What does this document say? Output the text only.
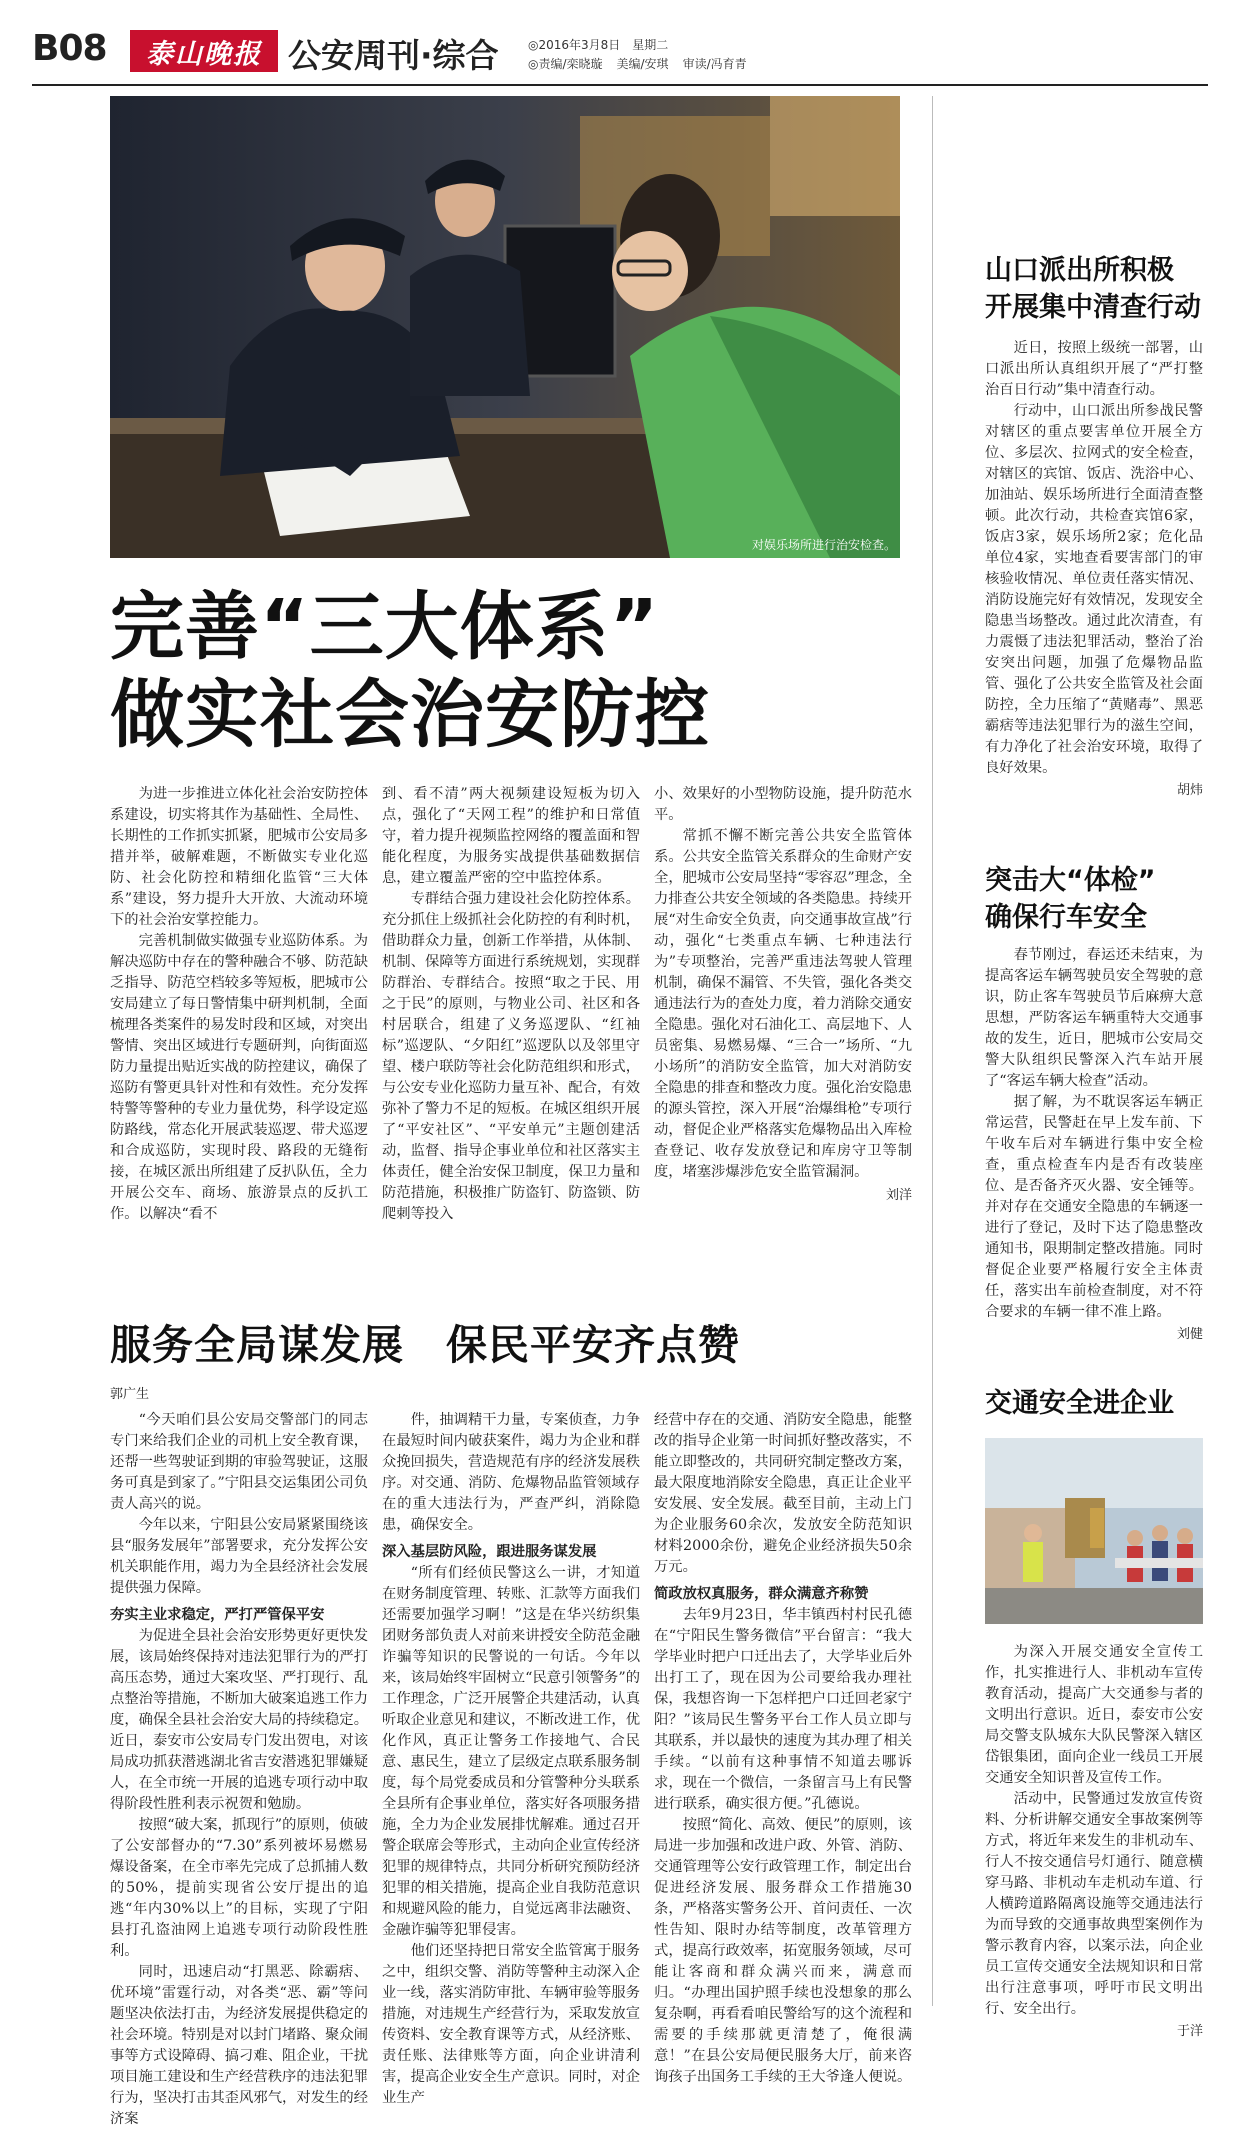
B08	泰山晚报 公安周刊·综合 ◎2016年3月8日　星期二
◎责编/栾晓璇 美编/安琪 审读/冯育青
对娱乐场所进行治安检查。
完善“三大体系”
做实社会治安防控

为进一步推进立体化社会治安防控体系建设，切实将其作为基础性、全局性、长期性的工作抓实抓紧，肥城市公安局多措并举，破解难题，不断做实专业化巡防、社会化防控和精细化监管“三大体系”建设，努力提升大开放、大流动环境下的社会治安掌控能力。

完善机制做实做强专业巡防体系。为解决巡防中存在的警种融合不够、防范缺乏指导、防范空档较多等短板，肥城市公安局建立了每日警情集中研判机制，全面梳理各类案件的易发时段和区域，对突出警情、突出区域进行专题研判，向街面巡防力量提出贴近实战的防控建议，确保了巡防有警更具针对性和有效性。充分发挥特警等警种的专业力量优势，科学设定巡防路线，常态化开展武装巡逻、带犬巡逻和合成巡防，实现时段、路段的无缝衔接，在城区派出所组建了反扒队伍，全力开展公交车、商场、旅游景点的反扒工作。以解决“看不

到、看不清”两大视频建设短板为切入点，强化了“天网工程”的维护和日常值守，着力提升视频监控网络的覆盖面和智能化程度，为服务实战提供基础数据信息，建立覆盖严密的空中监控体系。

专群结合强力建设社会化防控体系。充分抓住上级抓社会化防控的有利时机，借助群众力量，创新工作举措，从体制、机制、保障等方面进行系统规划，实现群防群治、专群结合。按照“取之于民、用之于民”的原则，与物业公司、社区和各村居联合，组建了义务巡逻队、“红袖标”巡逻队、“夕阳红”巡逻队以及邻里守望、楼户联防等社会化防范组织和形式，与公安专业化巡防力量互补、配合，有效弥补了警力不足的短板。在城区组织开展了“平安社区”、“平安单元”主题创建活动，监督、指导企事业单位和社区落实主体责任，健全治安保卫制度，保卫力量和防范措施，积极推广防盗钉、防盗锁、防爬刺等投入

小、效果好的小型物防设施，提升防范水平。

常抓不懈不断完善公共安全监管体系。公共安全监管关系群众的生命财产安全，肥城市公安局坚持“零容忍”理念，全力排查公共安全领域的各类隐患。持续开展“对生命安全负责，向交通事故宣战”行动，强化“七类重点车辆、七种违法行为”专项整治，完善严重违法驾驶人管理机制，确保不漏管、不失管，强化各类交通违法行为的查处力度，着力消除交通安全隐患。强化对石油化工、高层地下、人员密集、易燃易爆、“三合一”场所、“九小场所”的消防安全监管，加大对消防安全隐患的排查和整改力度。强化治安隐患的源头管控，深入开展“治爆缉枪”专项行动，督促企业严格落实危爆物品出入库检查登记、收存发放登记和库房守卫等制度，堵塞涉爆涉危安全监管漏洞。

刘洋

服务全局谋发展　保民平安齐点赞
郭广生

“今天咱们县公安局交警部门的同志专门来给我们企业的司机上安全教育课，还帮一些驾驶证到期的审验驾驶证，这服务可真是到家了。”宁阳县交运集团公司负责人高兴的说。

今年以来，宁阳县公安局紧紧围绕该县“服务发展年”部署要求，充分发挥公安机关职能作用，竭力为全县经济社会发展提供强力保障。

夯实主业求稳定，严打严管保平安

为促进全县社会治安形势更好更快发展，该局始终保持对违法犯罪行为的严打高压态势，通过大案攻坚、严打现行、乱点整治等措施，不断加大破案追逃工作力度，确保全县社会治安大局的持续稳定。近日，泰安市公安局专门发出贺电，对该局成功抓获潜逃湖北省吉安潜逃犯罪嫌疑人，在全市统一开展的追逃专项行动中取得阶段性胜利表示祝贺和勉励。

按照“破大案，抓现行”的原则，侦破了公安部督办的“7.30”系列被坏易燃易爆设备案，在全市率先完成了总抓捕人数的50%，提前实现省公安厅提出的追逃“年内30%以上”的目标，实现了宁阳县打孔盗油网上追逃专项行动阶段性胜利。

同时，迅速启动“打黑恶、除霸痞、优环境”雷霆行动，对各类“恶、霸”等问题坚决依法打击，为经济发展提供稳定的社会环境。特别是对以封门堵路、聚众闹事等方式设障碍、搞刁难、阻企业，干扰项目施工建设和生产经营秩序的违法犯罪行为，坚决打击其歪风邪气，对发生的经济案

件，抽调精干力量，专案侦查，力争在最短时间内破获案件，竭力为企业和群众挽回损失，营造规范有序的经济发展秩序。对交通、消防、危爆物品监管领域存在的重大违法行为，严查严纠，消除隐患，确保安全。

深入基层防风险，跟进服务谋发展

“所有们经侦民警这么一讲，才知道在财务制度管理、转账、汇款等方面我们还需要加强学习啊！”这是在华兴纺织集团财务部负责人对前来讲授安全防范金融诈骗等知识的民警说的一句话。今年以来，该局始终牢固树立“民意引领警务”的工作理念，广泛开展警企共建活动，认真听取企业意见和建议，不断改进工作，优化作风，真正让警务工作接地气、合民意、惠民生，建立了层级定点联系服务制度，每个局党委成员和分管警种分头联系全县所有企事业单位，落实好各项服务措施，全力为企业发展排忧解难。通过召开警企联席会等形式，主动向企业宣传经济犯罪的规律特点，共同分析研究预防经济犯罪的相关措施，提高企业自我防范意识和规避风险的能力，自觉远离非法融资、金融诈骗等犯罪侵害。

他们还坚持把日常安全监管寓于服务之中，组织交警、消防等警种主动深入企业一线，落实消防审批、车辆审验等服务措施，对违规生产经营行为，采取发放宣传资料、安全教育课等方式，从经济账、责任账、法律账等方面，向企业讲清利害，提高企业安全生产意识。同时，对企业生产

经营中存在的交通、消防安全隐患，能整改的指导企业第一时间抓好整改落实，不能立即整改的，共同研究制定整改方案，最大限度地消除安全隐患，真正让企业平安发展、安全发展。截至目前，主动上门为企业服务60余次，发放安全防范知识材料2000余份，避免企业经济损失50余万元。

简政放权真服务，群众满意齐称赞

去年9月23日，华丰镇西村村民孔德在“宁阳民生警务微信”平台留言：“我大学毕业时把户口迁出去了，大学毕业后外出打工了，现在因为公司要给我办理社保，我想咨询一下怎样把户口迁回老家宁阳？”该局民生警务平台工作人员立即与其联系，并以最快的速度为其办理了相关手续。“以前有这种事情不知道去哪诉求，现在一个微信，一条留言马上有民警进行联系，确实很方便。”孔德说。

按照“简化、高效、便民”的原则，该局进一步加强和改进户政、外管、消防、交通管理等公安行政管理工作，制定出台促进经济发展、服务群众工作措施30条，严格落实警务公开、首问责任、一次性告知、限时办结等制度，改革管理方式，提高行政效率，拓宽服务领域，尽可能让客商和群众满兴而来，满意而归。“办理出国护照手续也没想象的那么复杂啊，再看看咱民警给写的这个流程和需要的手续那就更清楚了，俺很满意！”在县公安局便民服务大厅，前来咨询孩子出国务工手续的王大爷逢人便说。

山口派出所积极
开展集中清查行动

近日，按照上级统一部署，山口派出所认真组织开展了“严打整治百日行动”集中清查行动。

行动中，山口派出所参战民警对辖区的重点要害单位开展全方位、多层次、拉网式的安全检查，对辖区的宾馆、饭店、洗浴中心、加油站、娱乐场所进行全面清查整顿。此次行动，共检查宾馆6家，饭店3家，娱乐场所2家；危化品单位4家，实地查看要害部门的审核验收情况、单位责任落实情况、消防设施完好有效情况，发现安全隐患当场整改。通过此次清查，有力震慑了违法犯罪活动，整治了治安突出问题，加强了危爆物品监管、强化了公共安全监管及社会面防控，全力压缩了“黄赌毒”、黑恶霸痞等违法犯罪行为的滋生空间，有力净化了社会治安环境，取得了良好效果。

胡炜
突击大“体检”
确保行车安全

春节刚过，春运还未结束，为提高客运车辆驾驶员安全驾驶的意识，防止客车驾驶员节后麻痹大意思想，严防客运车辆重特大交通事故的发生，近日，肥城市公安局交警大队组织民警深入汽车站开展了“客运车辆大检查”活动。

据了解，为不耽误客运车辆正常运营，民警赶在早上发车前、下午收车后对车辆进行集中安全检查，重点检查车内是否有改装座位、是否备齐灭火器、安全锤等。并对存在交通安全隐患的车辆逐一进行了登记，及时下达了隐患整改通知书，限期制定整改措施。同时督促企业要严格履行安全主体责任，落实出车前检查制度，对不符合要求的车辆一律不准上路。

刘健
交通安全进企业

为深入开展交通安全宣传工作，扎实推进行人、非机动车宣传教育活动，提高广大交通参与者的文明出行意识。近日，泰安市公安局交警支队城东大队民警深入辖区岱银集团，面向企业一线员工开展交通安全知识普及宣传工作。

活动中，民警通过发放宣传资料、分析讲解交通安全事故案例等方式，将近年来发生的非机动车、行人不按交通信号灯通行、随意横穿马路、非机动车走机动车道、行人横跨道路隔离设施等交通违法行为而导致的交通事故典型案例作为警示教育内容，以案示法，向企业员工宣传交通安全法规知识和日常出行注意事项，呼吁市民文明出行、安全出行。

于洋
